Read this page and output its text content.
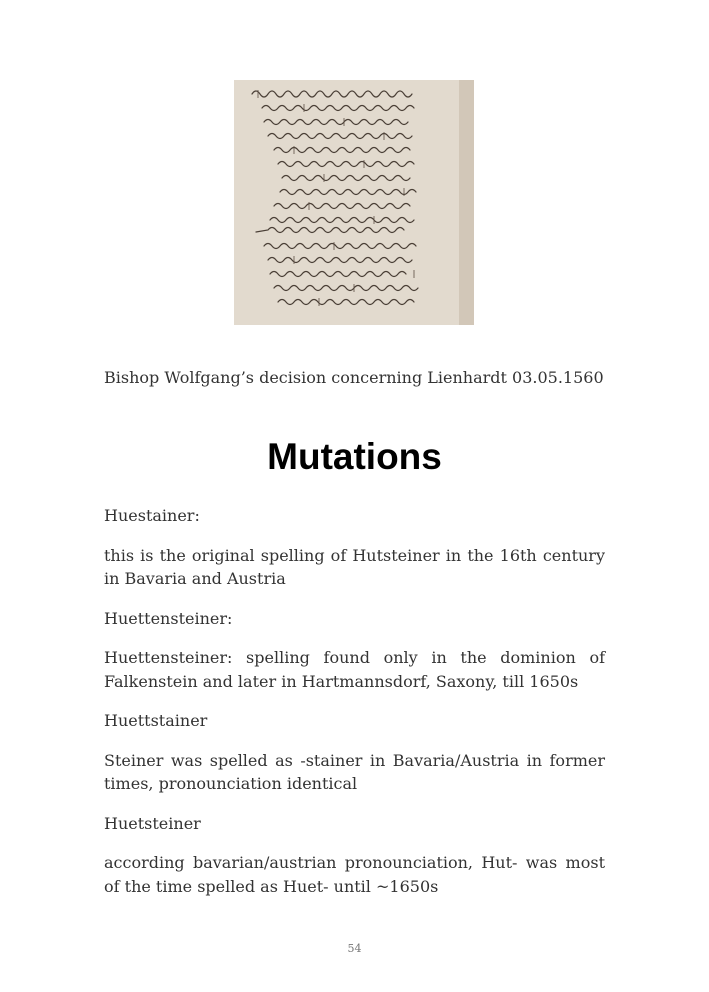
Bishop Wolfgang’s decision concerning Lienhardt 03.05.1560
Mutations

Huestainer:

this is the original spelling of Hutsteiner in the 16th century in Bavaria and Austria

Huettensteiner:

Huettensteiner: spelling found only in the dominion of Falkenstein and later in Hartmannsdorf, Saxony, till 1650s

Huettstainer

Steiner was spelled as -stainer in Bavaria/Austria in former times, pronounciation identical

Huetsteiner

according bavarian/austrian pronounciation, Hut- was most of the time spelled as Huet- until ~1650s

54
